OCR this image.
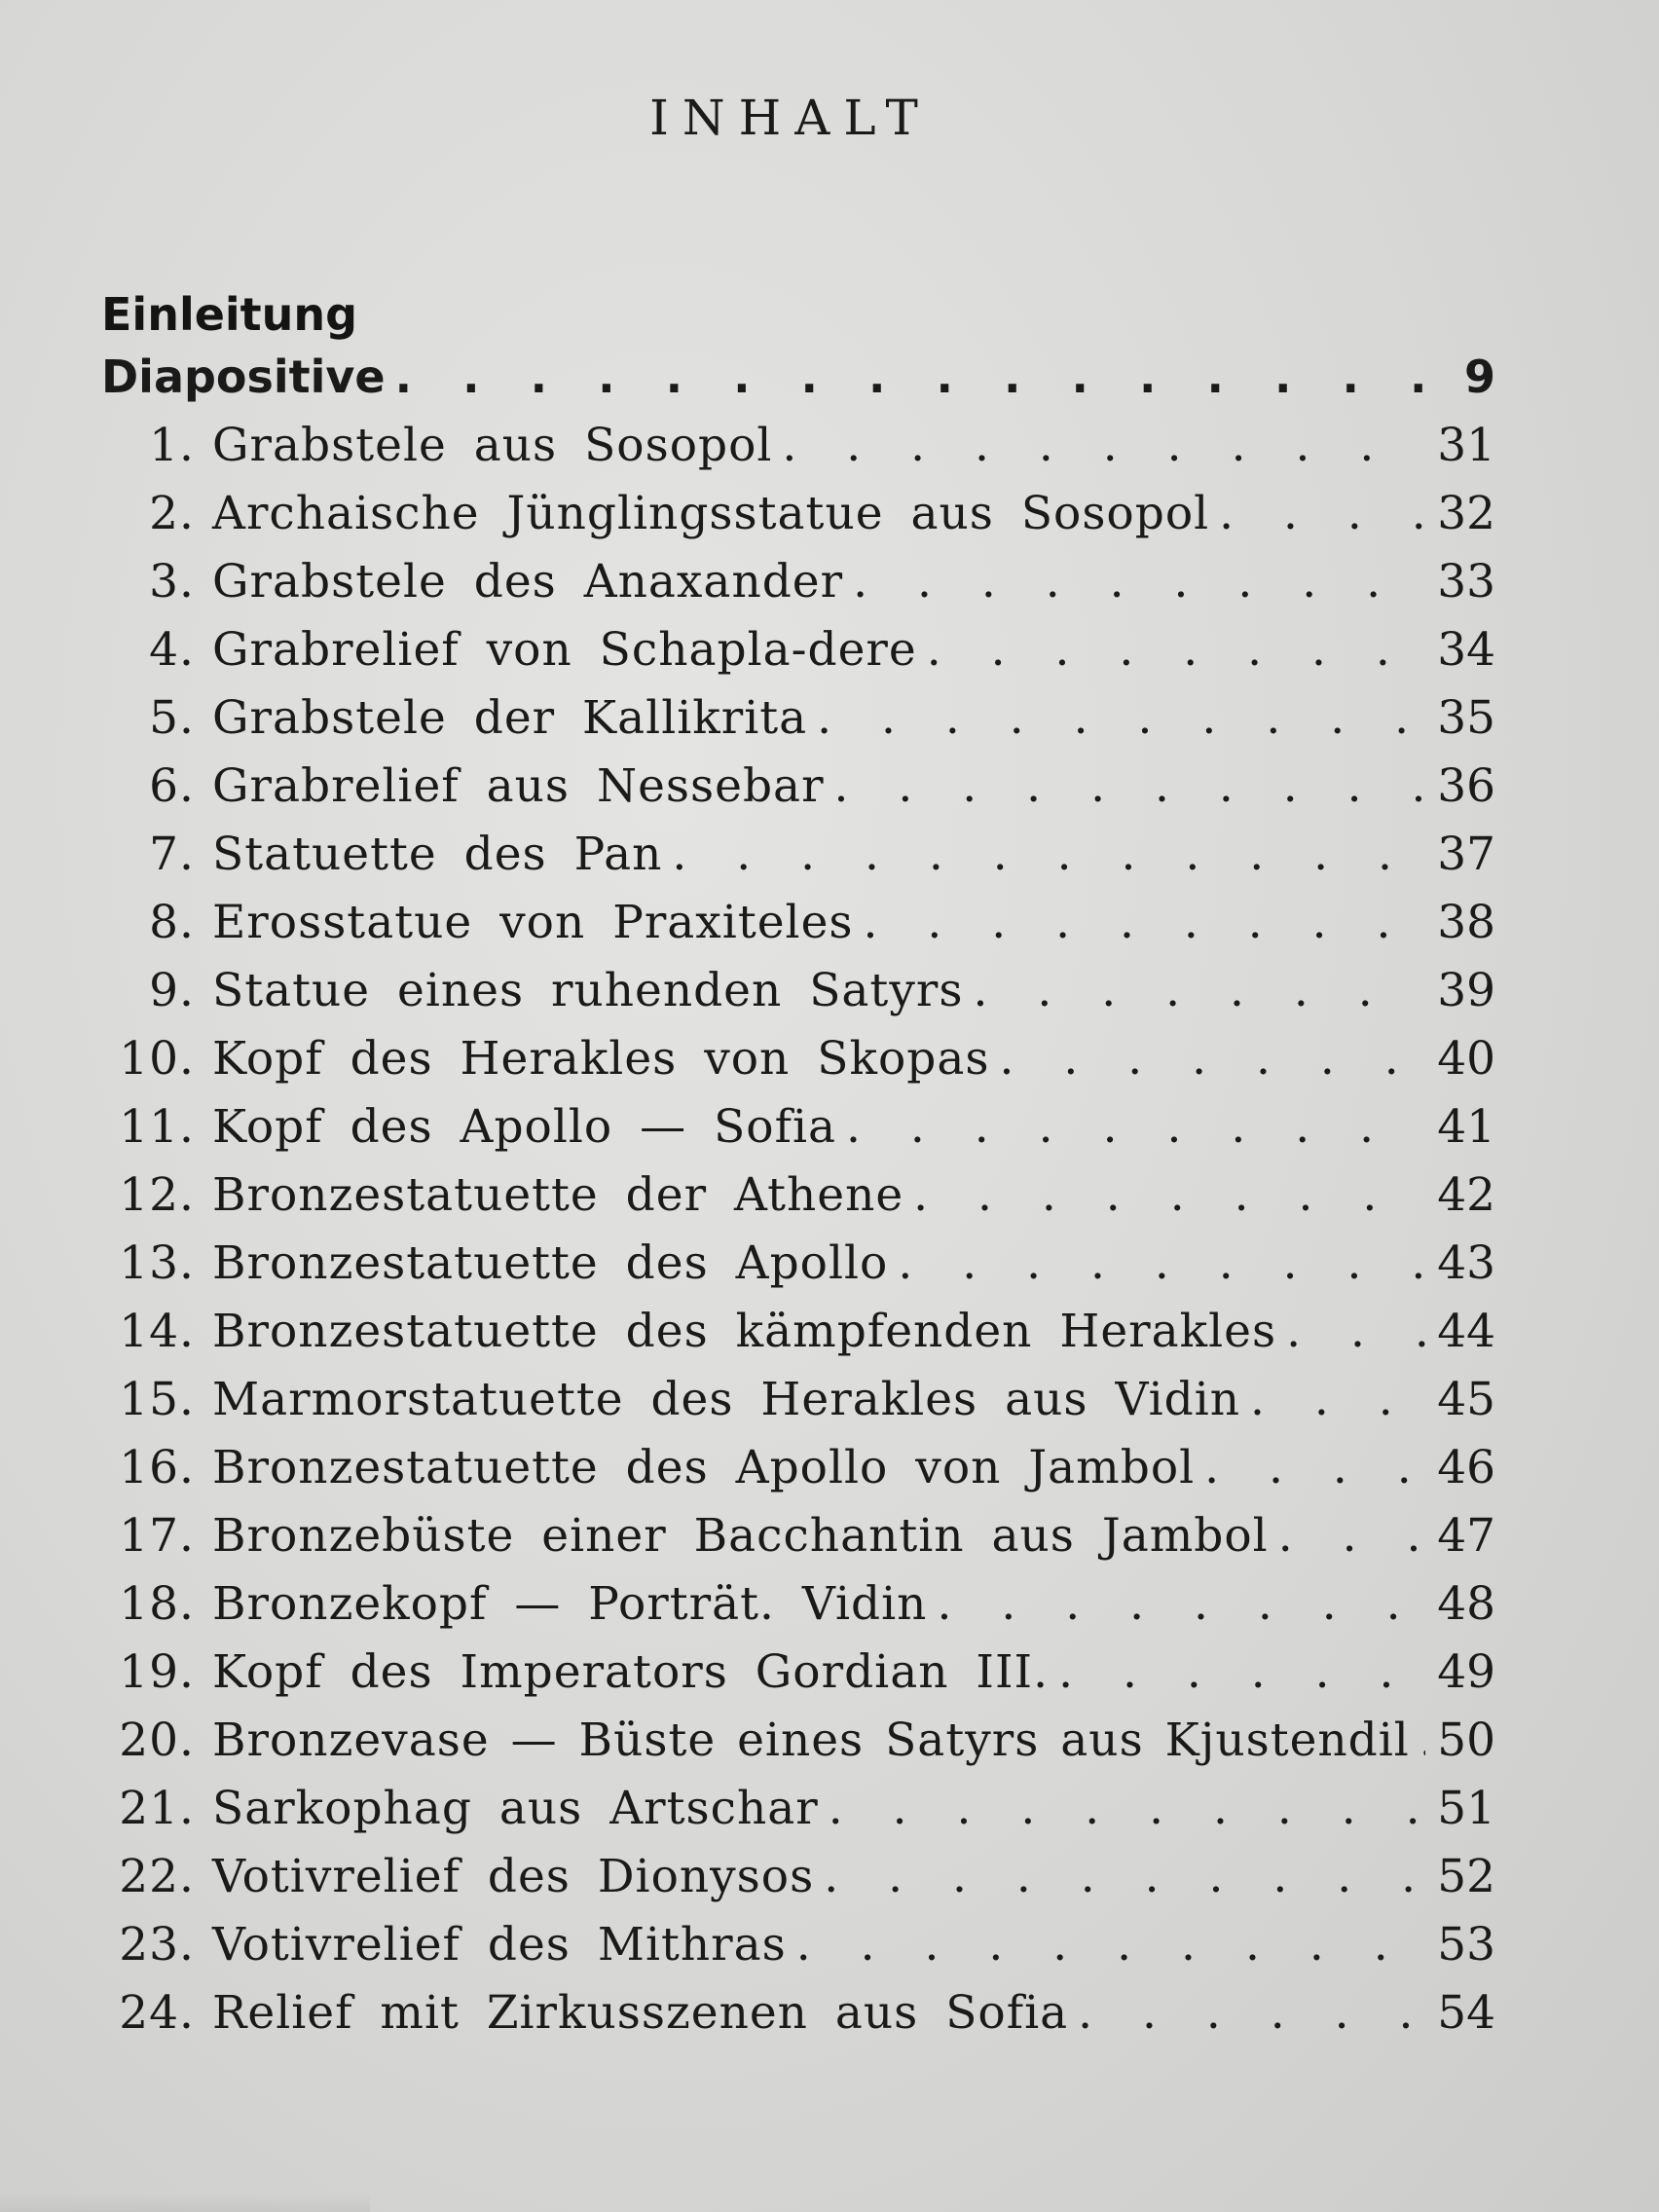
INHALT
Einleitung
Diapositive . . .	9
1. Grabstele aus Sosopol . . .	31
2. Archaische Jünglingsstatue aus Sosopol . . .	32
3. Grabstele des Anaxander . . .	33
4. Grabrelief von Schapla-dere . . .	34
5. Grabstele der Kallikrita . . .	35
6. Grabrelief aus Nessebar . . .	36
7. Statuette des Pan . . .	37
8. Erosstatue von Praxiteles . . .	38
9. Statue eines ruhenden Satyrs . . .	39
10. Kopf des Herakles von Skopas . . .	40
11. Kopf des Apollo — Sofia . . .	41
12. Bronzestatuette der Athene . . .	42
13. Bronzestatuette des Apollo . . .	43
14. Bronzestatuette des kämpfenden Herakles . . .	44
15. Marmorstatuette des Herakles aus Vidin . . .	45
16. Bronzestatuette des Apollo von Jambol . . .	46
17. Bronzebüste einer Bacchantin aus Jambol . . .	47
18. Bronzekopf — Porträt. Vidin . . .	48
19. Kopf des Imperators Gordian III. . . .	49
20. Bronzevase — Büste eines Satyrs aus Kjustendil . . . 50
21. Sarkophag aus Artschar . . .	51
22. Votivrelief des Dionysos . . .	52
23. Votivrelief des Mithras . . .	53
24. Relief mit Zirkusszenen aus Sofia . . .	54
